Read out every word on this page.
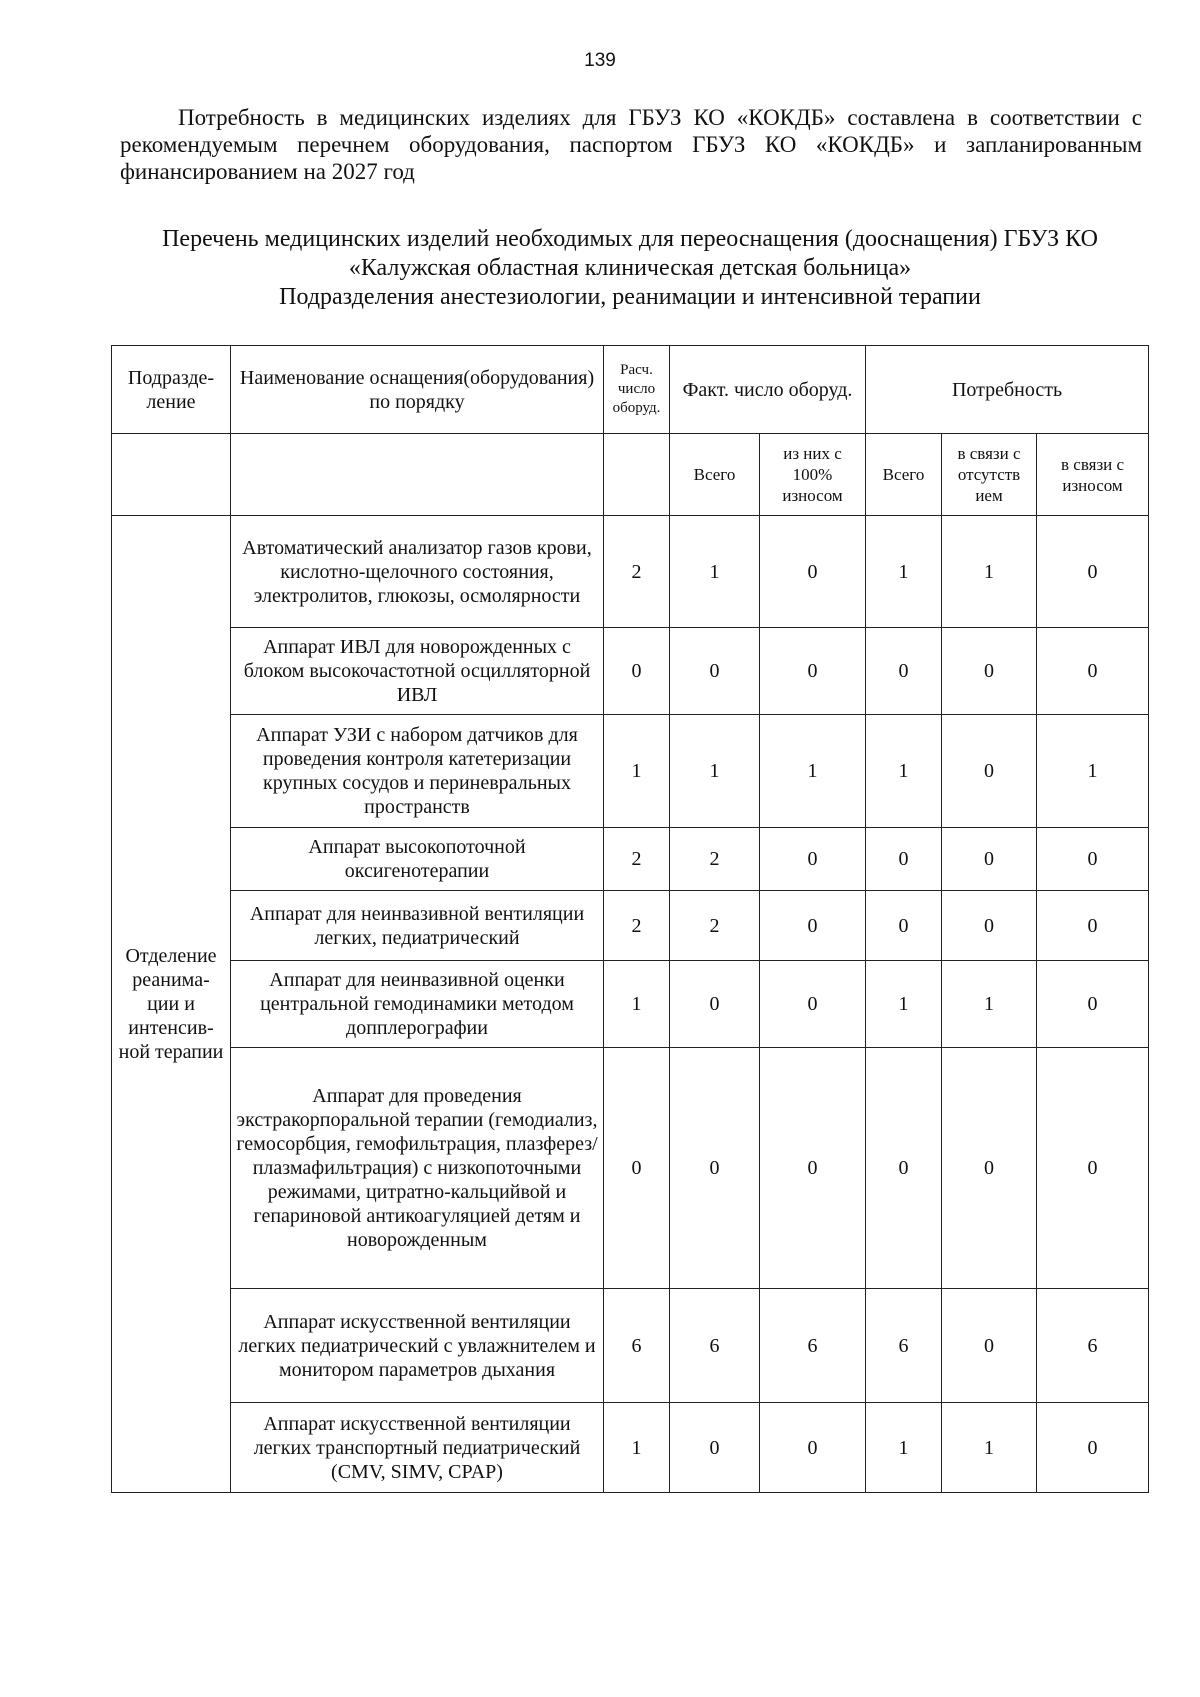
139

Потребность в медицинских изделиях для ГБУЗ КО «КОКДБ» составлена в соответствии с рекомендуемым перечнем оборудования, паспортом ГБУЗ КО «КОКДБ» и запланированным финансированием на 2027 год

Перечень медицинских изделий необходимых для переоснащения (дооснащения) ГБУЗ КО
«Калужская областная клиническая детская больница»
Подразделения анестезиологии, реанимации и интенсивной терапии
Подразде-ление	Наименование оснащения(оборудования) по порядку	Расч. число оборуд.	Факт. число оборуд.		Потребность		
			Всего	из них с 100% износом	Всего	в связи с отсутств ием	в связи с износом
Отделение реанима-ции и интенсив-ной терапии	Автоматический анализатор газов крови, кислотно-щелочного состояния, электролитов, глюкозы, осмолярности	2	1	0	1	1	0
	Аппарат ИВЛ для новорожденных с блоком высокочастотной осцилляторной ИВЛ	0	0	0	0	0	0
	Аппарат УЗИ с набором датчиков для проведения контроля катетеризации крупных сосудов и периневральных пространств	1	1	1	1	0	1
	Аппарат высокопоточной оксигенотерапии	2	2	0	0	0	0
	Аппарат для неинвазивной вентиляции легких, педиатрический	2	2	0	0	0	0
	Аппарат для неинвазивной оценки центральной гемодинамики методом допплерографии	1	0	0	1	1	0
	Аппарат для проведения экстракорпоральной терапии (гемодиализ, гемосорбция, гемофильтрация, плазферез/плазмафильтрация) с низкопоточными режимами, цитратно-кальцийвой и гепариновой антикоагуляцией детям и новорожденным	0	0	0	0	0	0
	Аппарат искусственной вентиляции легких педиатрический с увлажнителем и монитором параметров дыхания	6	6	6	6	0	6
	Аппарат искусственной вентиляции легких транспортный педиатрический (CMV, SIMV, CPAP)	1	0	0	1	1	0
